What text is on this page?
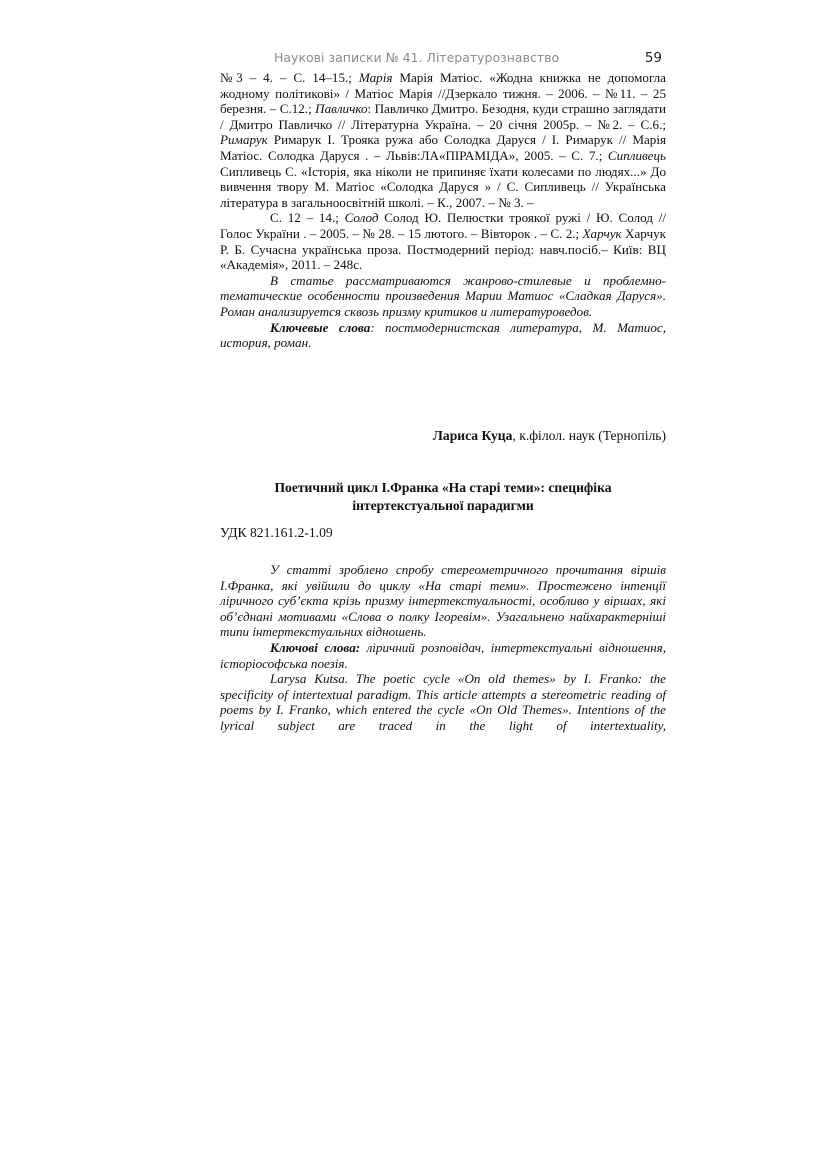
Наукові записки № 41. Літературознавство	59

№3 – 4. – С. 14–15.; Марія Марія Матіос. «Жодна книжка не допомогла жодному політикові» / Матіос Марія //Дзеркало тижня. – 2006. – №11. – 25 березня. – С.12.; Павличко: Павличко Дмитро. Безодня, куди страшно заглядати / Дмитро Павличко // Літературна Україна. – 20 січня 2005р. – №2. – С.6.; Римарук Римарук І. Трояка ружа або Солодка Даруся / І. Римарук // Марія Матіос. Солодка Даруся . – Львів:ЛА«ПІРАМІДА», 2005. – С. 7.; Сипливець Сипливець С. «Історія, яка ніколи не припиняє їхати колесами по людях...» До вивчення твору М. Матіос «Солодка Даруся » / С. Сипливець // Українська література в загальноосвітній школі. – К., 2007. – № 3. –

С. 12 – 14.; Солод Солод Ю. Пелюстки троякої ружі / Ю. Солод // Голос України . – 2005. – № 28. – 15 лютого. – Вівторок . – С. 2.; Харчук Харчук Р. Б. Сучасна українська проза. Постмодерний період: навч.посіб.– Київ: ВЦ «Академія», 2011. – 248с.

В статье рассматриваются жанрово-стилевые и проблемно-тематические особенности произведения Марии Матиос «Сладкая Даруся». Роман анализируется сквозь призму критиков и литературоведов.

Ключевые слова: постмодернистская литература, М. Матиос, история, роман.

Лариса Куца, к.філол. наук (Тернопіль)
Поетичний цикл І.Франка «На старі теми»: специфіка
інтертекстуальної парадигми
УДК 821.161.2-1.09

У статті зроблено спробу стереометричного прочитання віршів І.Франка, які увійшли до циклу «На старі теми». Простежено інтенції ліричного суб’єкта крізь призму інтертекстуальності, особливо у віршах, які об’єднані мотивами «Слова о полку Ігоревім». Узагальнено найхарактерніші типи інтертекстуальних відношень.

Ключові слова: ліричний розповідач, інтертекстуальні відношення, історіософська поезія.

Larysa Kutsa. The poetic cycle «On old themes» by I. Franko: the specificity of intertextual paradigm. This article attempts a stereometric reading of poems by I. Franko, which entered the cycle «On Old Themes». Intentions of the lyrical subject are traced in the light of intertextuality,
